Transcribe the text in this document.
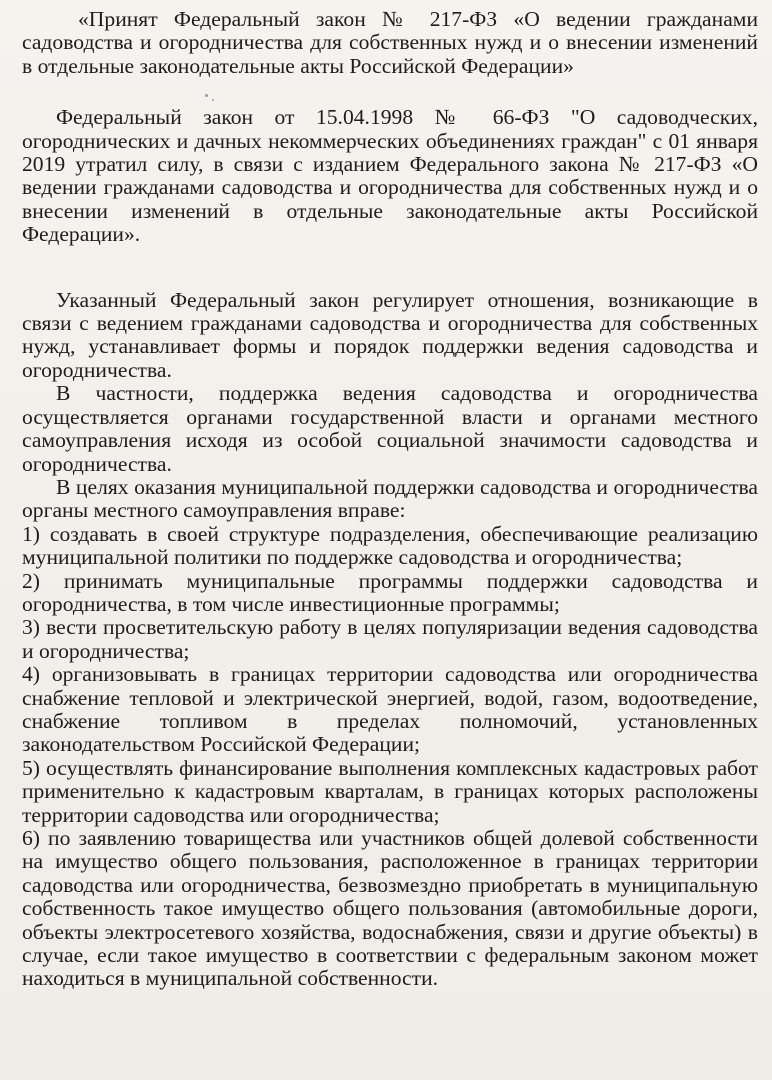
«Принят Федеральный закон № 217-ФЗ «О ведении гражданами садоводства и огородничества для собственных нужд и о внесении изменений в отдельные законодательные акты Российской Федерации»

Федеральный закон от 15.04.1998 № 66-ФЗ "О садоводческих, огороднических и дачных некоммерческих объединениях граждан" с 01 января 2019 утратил силу, в связи с изданием Федерального закона № 217-ФЗ «О ведении гражданами садоводства и огородничества для собственных нужд и о внесении изменений в отдельные законодательные акты Российской Федерации».

Указанный Федеральный закон регулирует отношения, возникающие в связи с ведением гражданами садоводства и огородничества для собственных нужд, устанавливает формы и порядок поддержки ведения садоводства и огородничества.

В частности, поддержка ведения садоводства и огородничества осуществляется органами государственной власти и органами местного самоуправления исходя из особой социальной значимости садоводства и огородничества.

В целях оказания муниципальной поддержки садоводства и огородничества органы местного самоуправления вправе:

1) создавать в своей структуре подразделения, обеспечивающие реализацию муниципальной политики по поддержке садоводства и огородничества;

2) принимать муниципальные программы поддержки садоводства и огородничества, в том числе инвестиционные программы;

3) вести просветительскую работу в целях популяризации ведения садоводства и огородничества;

4) организовывать в границах территории садоводства или огородничества снабжение тепловой и электрической энергией, водой, газом, водоотведение, снабжение топливом в пределах полномочий, установленных законодательством Российской Федерации;

5) осуществлять финансирование выполнения комплексных кадастровых работ применительно к кадастровым кварталам, в границах которых расположены территории садоводства или огородничества;

6) по заявлению товарищества или участников общей долевой собственности на имущество общего пользования, расположенное в границах территории садоводства или огородничества, безвозмездно приобретать в муниципальную собственность такое имущество общего пользования (автомобильные дороги, объекты электросетевого хозяйства, водоснабжения, связи и другие объекты) в случае, если такое имущество в соответствии с федеральным законом может находиться в муниципальной собственности.
